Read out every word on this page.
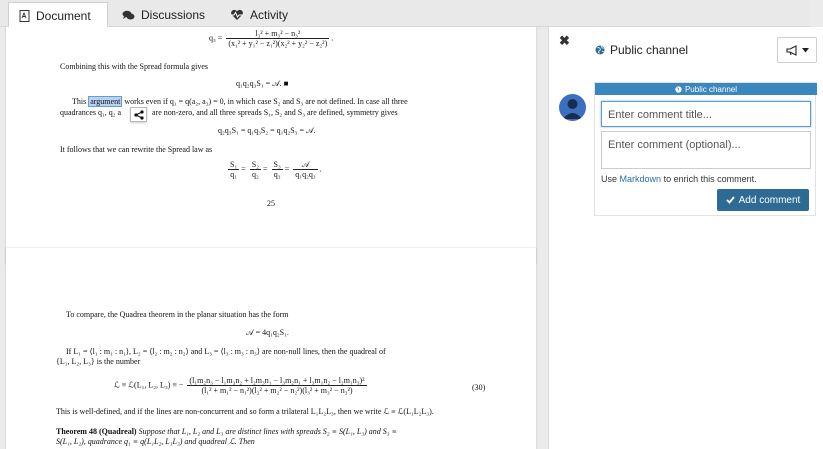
Document	Discussions	Activity
$q_3 = \frac{\text{l₃² + m₃² − n₃²}}{\text{(x₁² + y₁² − z₁²)(x₂² + y₂² − z₂²)}}$ .
Combining this with the Spread formula gives
q₁q₂q₃S₁ = 𝒜. ■
This argument works even if q₁ = q(a₂, a₃) = 0, in which case S₂ and S₃ are not defined. In case all three
quadrances q₁, q₂ a	are non-zero, and all three spreads S₁, S₂ and S₃ are defined, symmetry gives
q₂q₃S₁ = q₁q₃S₂ = q₁q₂S₃ = 𝒜.
It follows that we can rewrite the Spread law as
$\frac{\text{S₁}}{\text{q₁}} = \frac{\text{S₂}}{\text{q₂}} = \frac{\text{S₃}}{\text{q₃}} = \frac{\text{𝒜}}{\text{q₁q₂q₃}}$ .
25
To compare, the Quadrea theorem in the planar situation has the form
𝒜 = 4q₁q₂S₁.
If L₁ = ⟨l₁ : m₁ : n₁⟩, L₂ = ⟨l₂ : m₂ : n₂⟩ and L₃ = ⟨l₃ : m₃ : n₃⟩ are non-null lines, then the quadreal of
{L₁, L₂, L₃} is the number
ℒ ≡ ℒ(L₁, L₂, L₃) ≡ − $\frac{\text{(l₁m₂n₃ − l₁m₃n₂ + l₂m₃n₁ − l₃m₂n₁ + l₃m₁n₂ − l₂m₁n₃)²}}{\text{(l₁² + m₁² − n₁²)(l₂² + m₂² − n₂²)(l₃² + m₃² − n₃²)}}$	(30)
This is well-defined, and if the lines are non-concurrent and so form a trilateral L₁L₂L₃, then we write ℒ ≡ ℒ(L₁L₂L₃).
Theorem 48 (Quadreal) Suppose that L₁, L₂ and L₃ are distinct lines with spreads S₂ ≡ S(L₁, L₃) and S₃ ≡
S(L₁, L₂), quadrance q₁ ≡ q(L₁L₂, L₁L₃) and quadreal ℒ. Then
✖
Public channel
Public channel
Enter comment title...
Enter comment (optional)...
Use Markdown to enrich this comment.
Add comment
